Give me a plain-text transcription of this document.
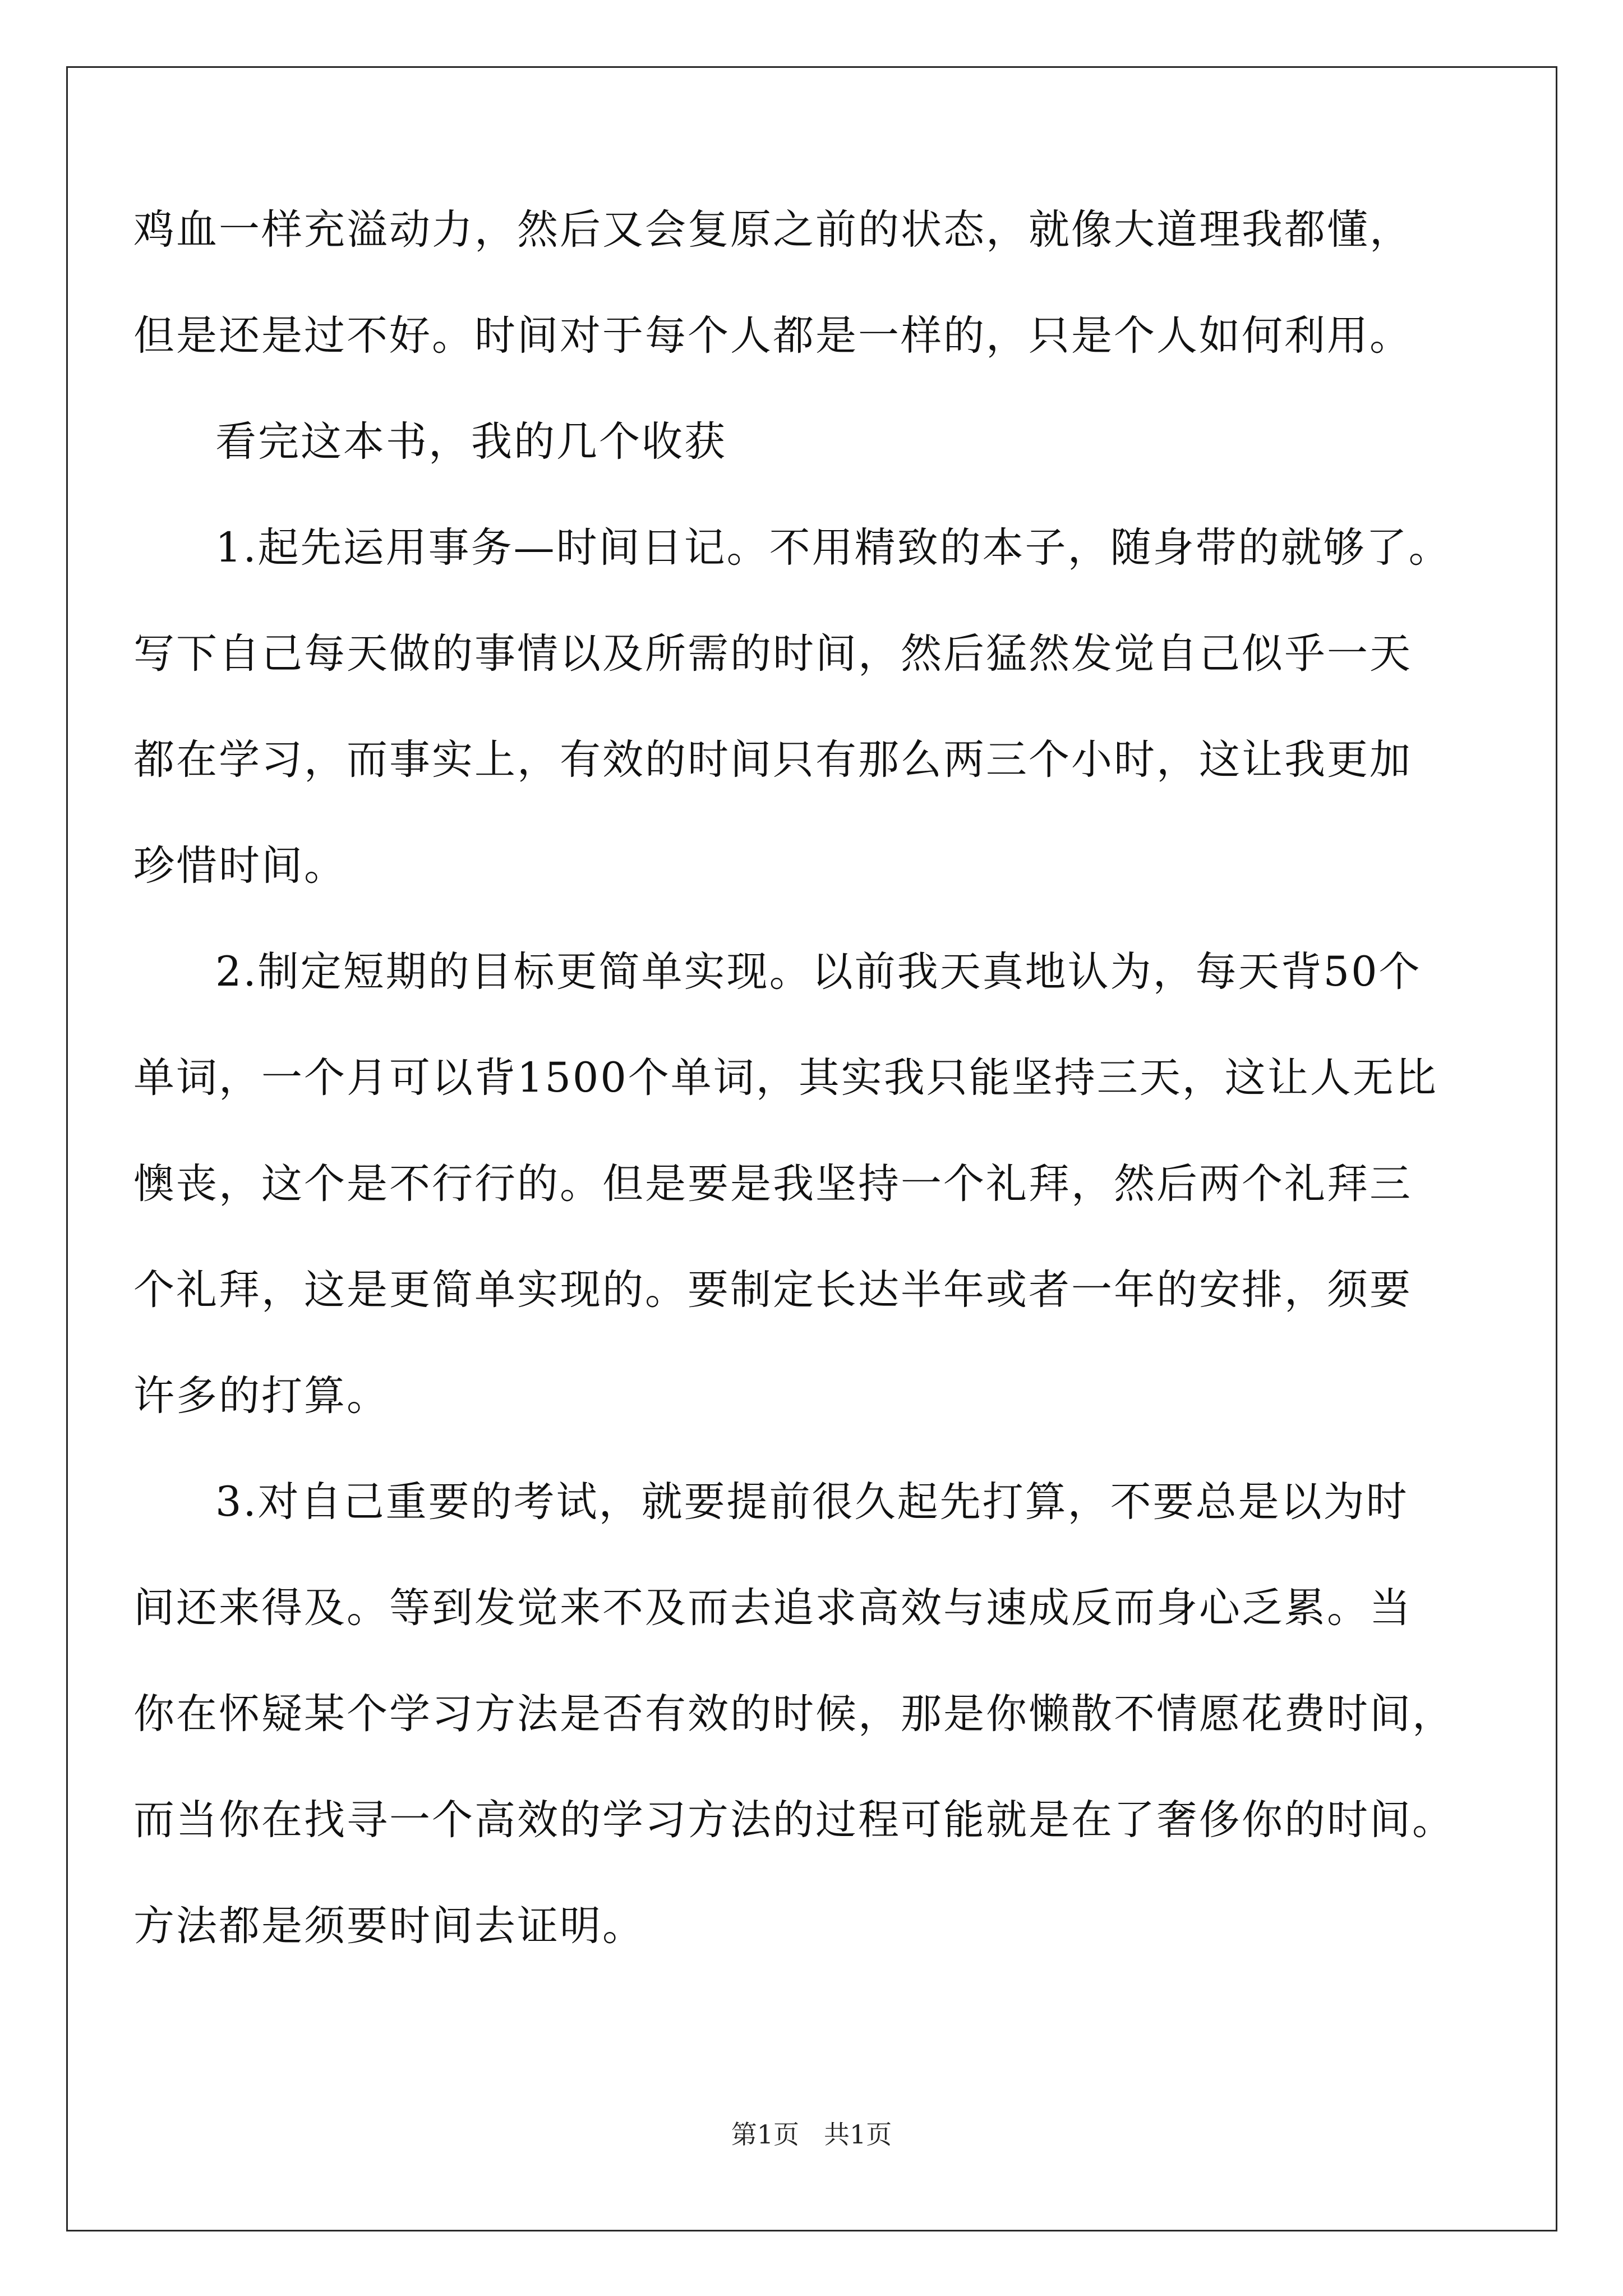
鸡血一样充溢动力，然后又会复原之前的状态，就像大道理我都懂，
但是还是过不好。时间对于每个人都是一样的，只是个人如何利用。
看完这本书，我的几个收获
1.起先运用事务—时间日记。不用精致的本子，随身带的就够了。
写下自己每天做的事情以及所需的时间，然后猛然发觉自己似乎一天
都在学习，而事实上，有效的时间只有那么两三个小时，这让我更加
珍惜时间。
2.制定短期的目标更简单实现。以前我天真地认为，每天背50个
单词，一个月可以背1500个单词，其实我只能坚持三天，这让人无比
懊丧，这个是不行行的。但是要是我坚持一个礼拜，然后两个礼拜三
个礼拜，这是更简单实现的。要制定长达半年或者一年的安排，须要
许多的打算。
3.对自己重要的考试，就要提前很久起先打算，不要总是以为时
间还来得及。等到发觉来不及而去追求高效与速成反而身心乏累。当
你在怀疑某个学习方法是否有效的时候，那是你懒散不情愿花费时间，
而当你在找寻一个高效的学习方法的过程可能就是在了奢侈你的时间。
方法都是须要时间去证明。
第1页 共1页
